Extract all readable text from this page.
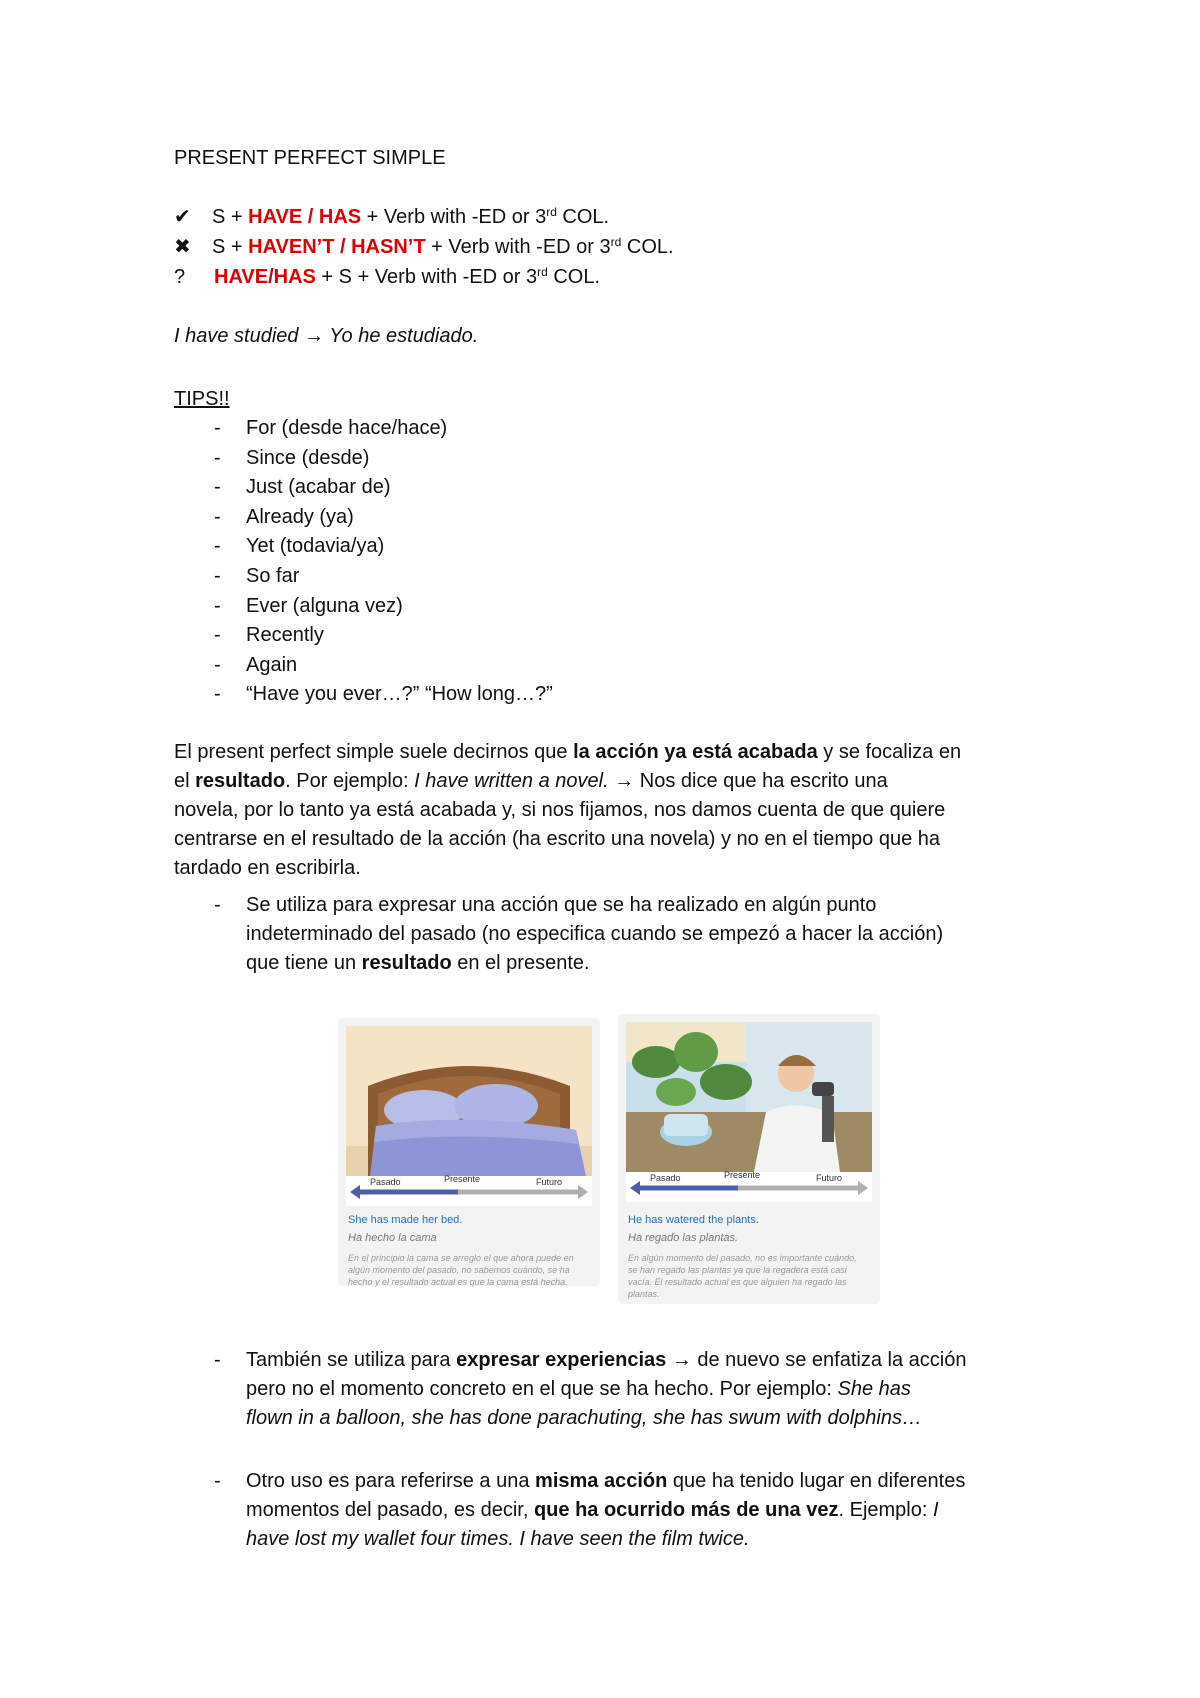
PRESENT PERFECT SIMPLE
✔ S + HAVE / HAS + Verb with -ED or 3rd COL.
✖ S + HAVEN’T / HASN’T + Verb with -ED or 3rd COL.
? HAVE/HAS + S + Verb with -ED or 3rd COL.
I have studied → Yo he estudiado.
TIPS!!
- For (desde hace/hace)
- Since (desde)
- Just (acabar de)
- Already (ya)
- Yet (todavia/ya)
- So far
- Ever (alguna vez)
- Recently
- Again
- “Have you ever…?” “How long…?”
El present perfect simple suele decirnos que la acción ya está acabada y se focaliza en
el resultado. Por ejemplo: I have written a novel. → Nos dice que ha escrito una
novela, por lo tanto ya está acabada y, si nos fijamos, nos damos cuenta de que quiere
centrarse en el resultado de la acción (ha escrito una novela) y no en el tiempo que ha
tardado en escribirla.
- Se utiliza para expresar una acción que se ha realizado en algún punto
indeterminado del pasado (no especifica cuando se empezó a hacer la acción)
que tiene un resultado en el presente.
Pasado	Presente	Futuro
She has made her bed.
Ha hecho la cama
En el principio la cama se arreglo el que ahora puede en algún momento del pasado, no sabemos cuándo, se ha hecho y el resultado actual es que la cama está hecha.
Pasado	Presente	Futuro
He has watered the plants.
Ha regado las plantas.
En algún momento del pasado, no es importante cuándo, se han regado las plantas ya que la regadera está casi vacía. El resultado actual es que alguien ha regado las plantas.
- También se utiliza para expresar experiencias → de nuevo se enfatiza la acción
pero no el momento concreto en el que se ha hecho. Por ejemplo: She has
flown in a balloon, she has done parachuting, she has swum with dolphins…
- Otro uso es para referirse a una misma acción que ha tenido lugar en diferentes
momentos del pasado, es decir, que ha ocurrido más de una vez. Ejemplo: I
have lost my wallet four times. I have seen the film twice.
